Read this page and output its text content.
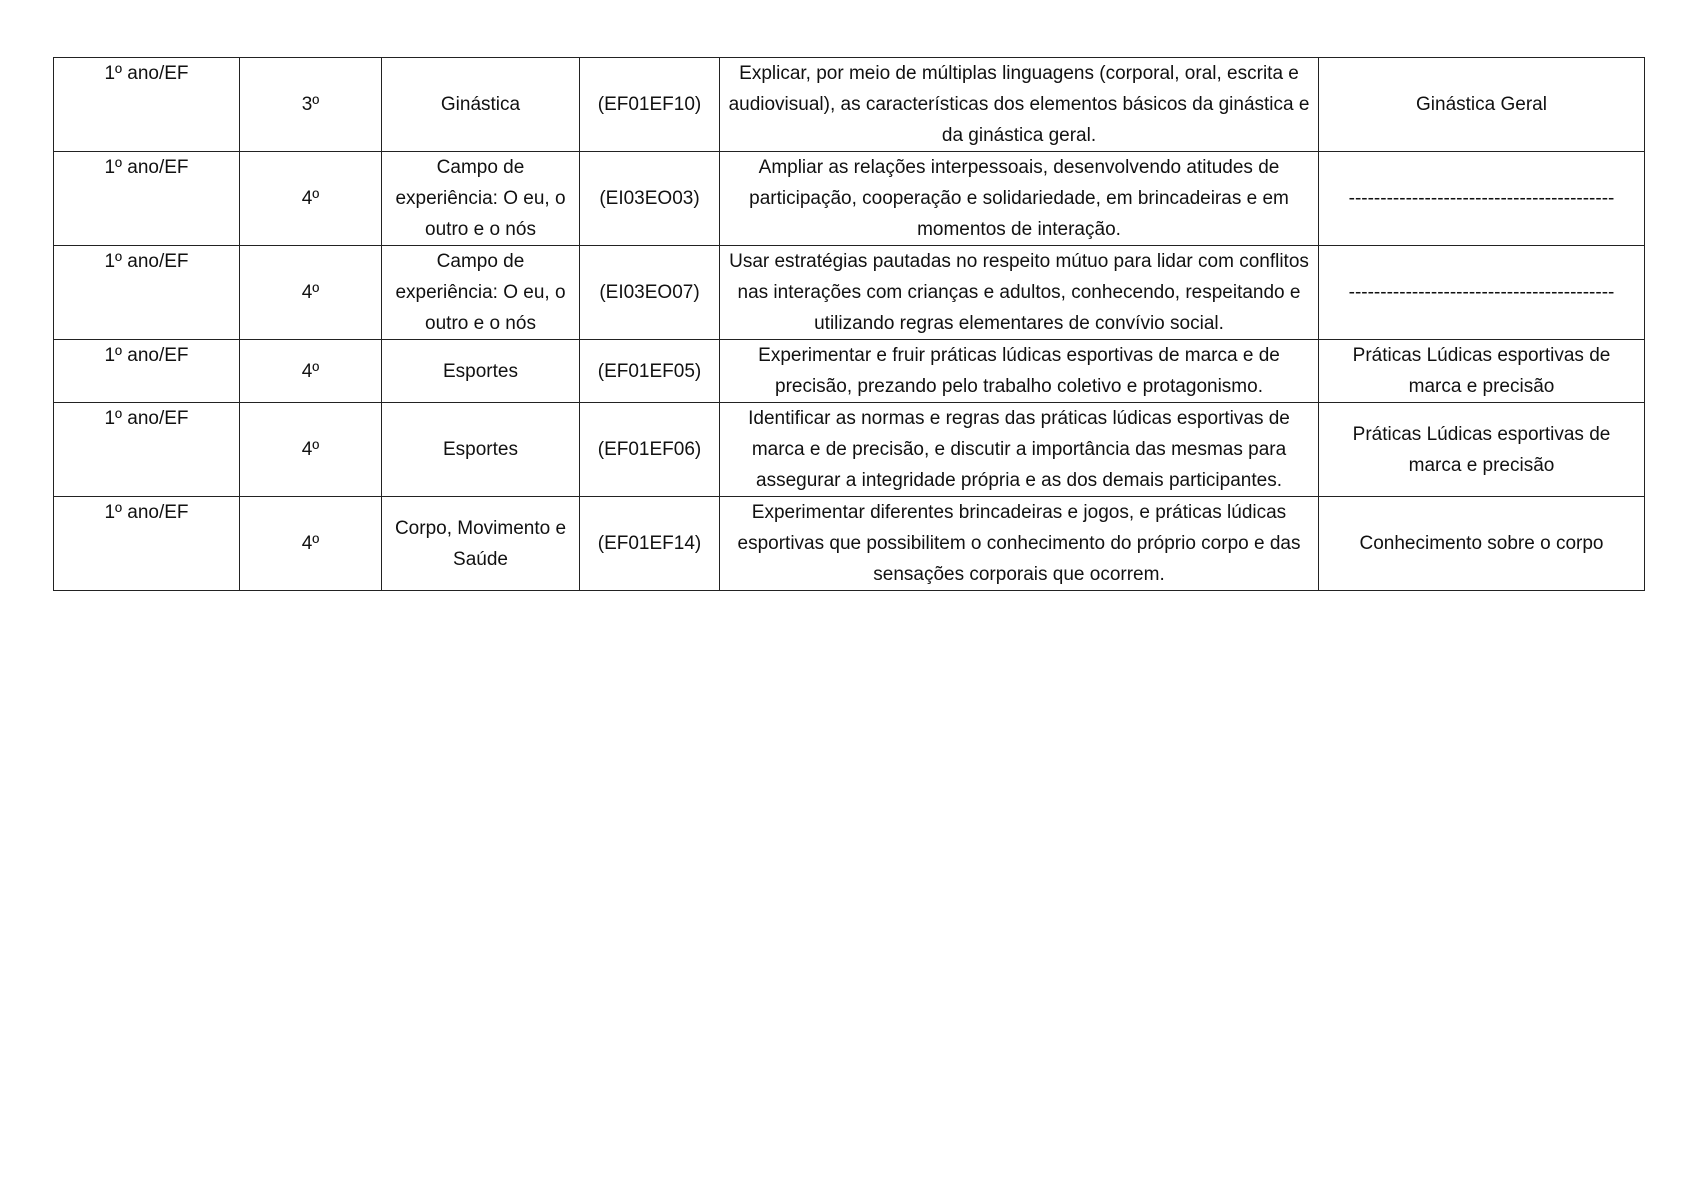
1º ano/EF	3º	Ginástica	(EF01EF10)	Explicar, por meio de múltiplas linguagens (corporal, oral, escrita e audiovisual), as características dos elementos básicos da ginástica e da ginástica geral.	Ginástica Geral
1º ano/EF	4º	Campo de experiência: O eu, o outro e o nós	(EI03EO03)	Ampliar as relações interpessoais, desenvolvendo atitudes de participação, cooperação e solidariedade, em brincadeiras e em momentos de interação.	------------------------------------------

1º ano/EF	4º	Campo de experiência: O eu, o outro e o nós	(EI03EO07)	Usar estratégias pautadas no respeito mútuo para lidar com conflitos nas interações com crianças e adultos, conhecendo, respeitando e utilizando regras elementares de convívio social.	------------------------------------------

1º ano/EF	4º	Esportes	(EF01EF05)	Experimentar e fruir práticas lúdicas esportivas de marca e de precisão, prezando pelo trabalho coletivo e protagonismo.	Práticas Lúdicas esportivas de marca e precisão
1º ano/EF	4º	Esportes	(EF01EF06)	Identificar as normas e regras das práticas lúdicas esportivas de marca e de precisão, e discutir a importância das mesmas para assegurar a integridade própria e as dos demais participantes.	Práticas Lúdicas esportivas de marca e precisão
1º ano/EF	4º	Corpo, Movimento e Saúde	(EF01EF14)	Experimentar diferentes brincadeiras e jogos, e práticas lúdicas esportivas que possibilitem o conhecimento do próprio corpo e das sensações corporais que ocorrem.	Conhecimento sobre o corpo
